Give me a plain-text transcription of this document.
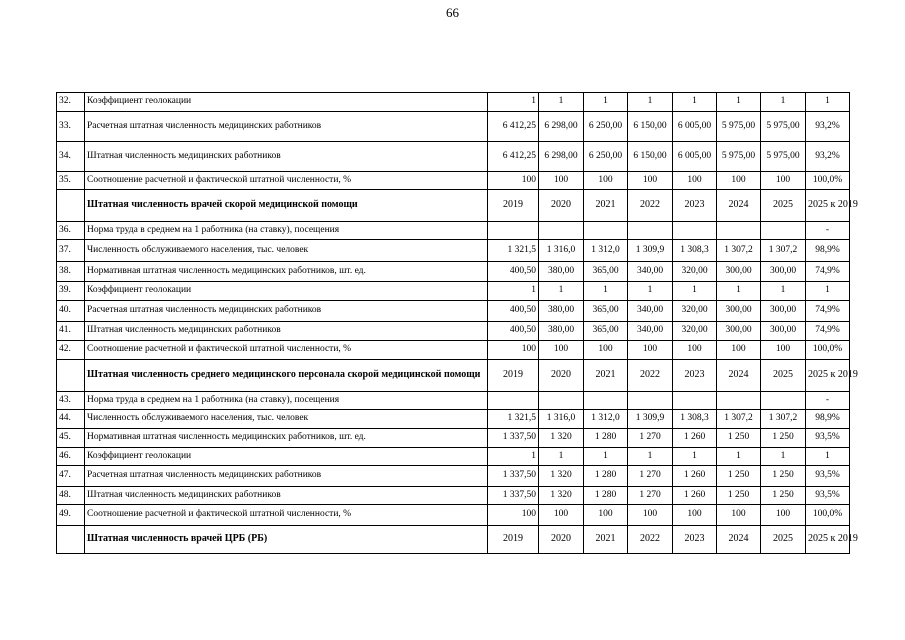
66
32.	Коэффициент геолокации	1	1	1	1	1	1	1	1
33.	Расчетная штатная численность медицинских работников	6 412,25	6 298,00	6 250,00	6 150,00	6 005,00	5 975,00	5 975,00	93,2%
34.	Штатная численность медицинских работников	6 412,25	6 298,00	6 250,00	6 150,00	6 005,00	5 975,00	5 975,00	93,2%
35.	Соотношение расчетной и фактической штатной численности, %	100	100	100	100	100	100	100	100,0%
	Штатная численность врачей скорой медицинской помощи	2019	2020	2021	2022	2023	2024	2025	2025 к 2019
36.	Норма труда в среднем на 1 работника (на ставку), посещения								-
37.	Численность обслуживаемого населения, тыс. человек	1 321,5	1 316,0	1 312,0	1 309,9	1 308,3	1 307,2	1 307,2	98,9%
38.	Нормативная штатная численность медицинских работников, шт. ед.	400,50	380,00	365,00	340,00	320,00	300,00	300,00	74,9%
39.	Коэффициент геолокации	1	1	1	1	1	1	1	1
40.	Расчетная штатная численность медицинских работников	400,50	380,00	365,00	340,00	320,00	300,00	300,00	74,9%
41.	Штатная численность медицинских работников	400,50	380,00	365,00	340,00	320,00	300,00	300,00	74,9%
42.	Соотношение расчетной и фактической штатной численности, %	100	100	100	100	100	100	100	100,0%
	Штатная численность среднего медицинского персонала скорой медицинской помощи	2019	2020	2021	2022	2023	2024	2025	2025 к 2019
43.	Норма труда в среднем на 1 работника (на ставку), посещения								-
44.	Численность обслуживаемого населения, тыс. человек	1 321,5	1 316,0	1 312,0	1 309,9	1 308,3	1 307,2	1 307,2	98,9%
45.	Нормативная штатная численность медицинских работников, шт. ед.	1 337,50	1 320	1 280	1 270	1 260	1 250	1 250	93,5%
46.	Коэффициент геолокации	1	1	1	1	1	1	1	1
47.	Расчетная штатная численность медицинских работников	1 337,50	1 320	1 280	1 270	1 260	1 250	1 250	93,5%
48.	Штатная численность медицинских работников	1 337,50	1 320	1 280	1 270	1 260	1 250	1 250	93,5%
49.	Соотношение расчетной и фактической штатной численности, %	100	100	100	100	100	100	100	100,0%
	Штатная численность врачей ЦРБ (РБ)	2019	2020	2021	2022	2023	2024	2025	2025 к 2019
